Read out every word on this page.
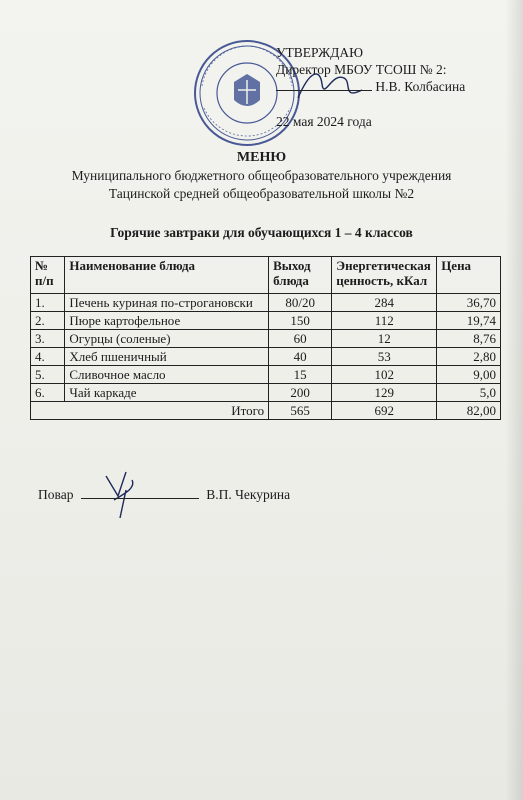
УТВЕРЖДАЮ
Директор МБОУ ТСОШ № 2:
Н.В. Колбасина
22 мая 2024 года
МЕНЮ
Муниципального бюджетного общеобразовательного учреждения
Тацинской средней общеобразовательной школы №2
Горячие завтраки для обучающихся 1 – 4 классов
№ п/п	Наименование блюда	Выход блюда	Энергетическая ценность, кКал	Цена
1.	Печень куриная по-строгановски	80/20	284	36,70
2.	Пюре картофельное	150	112	19,74
3.	Огурцы (соленые)	60	12	8,76
4.	Хлеб пшеничный	40	53	2,80
5.	Сливочное масло	15	102	9,00
6.	Чай каркаде	200	129	5,0
Итого		565	692	82,00
Повар	В.П. Чекурина
